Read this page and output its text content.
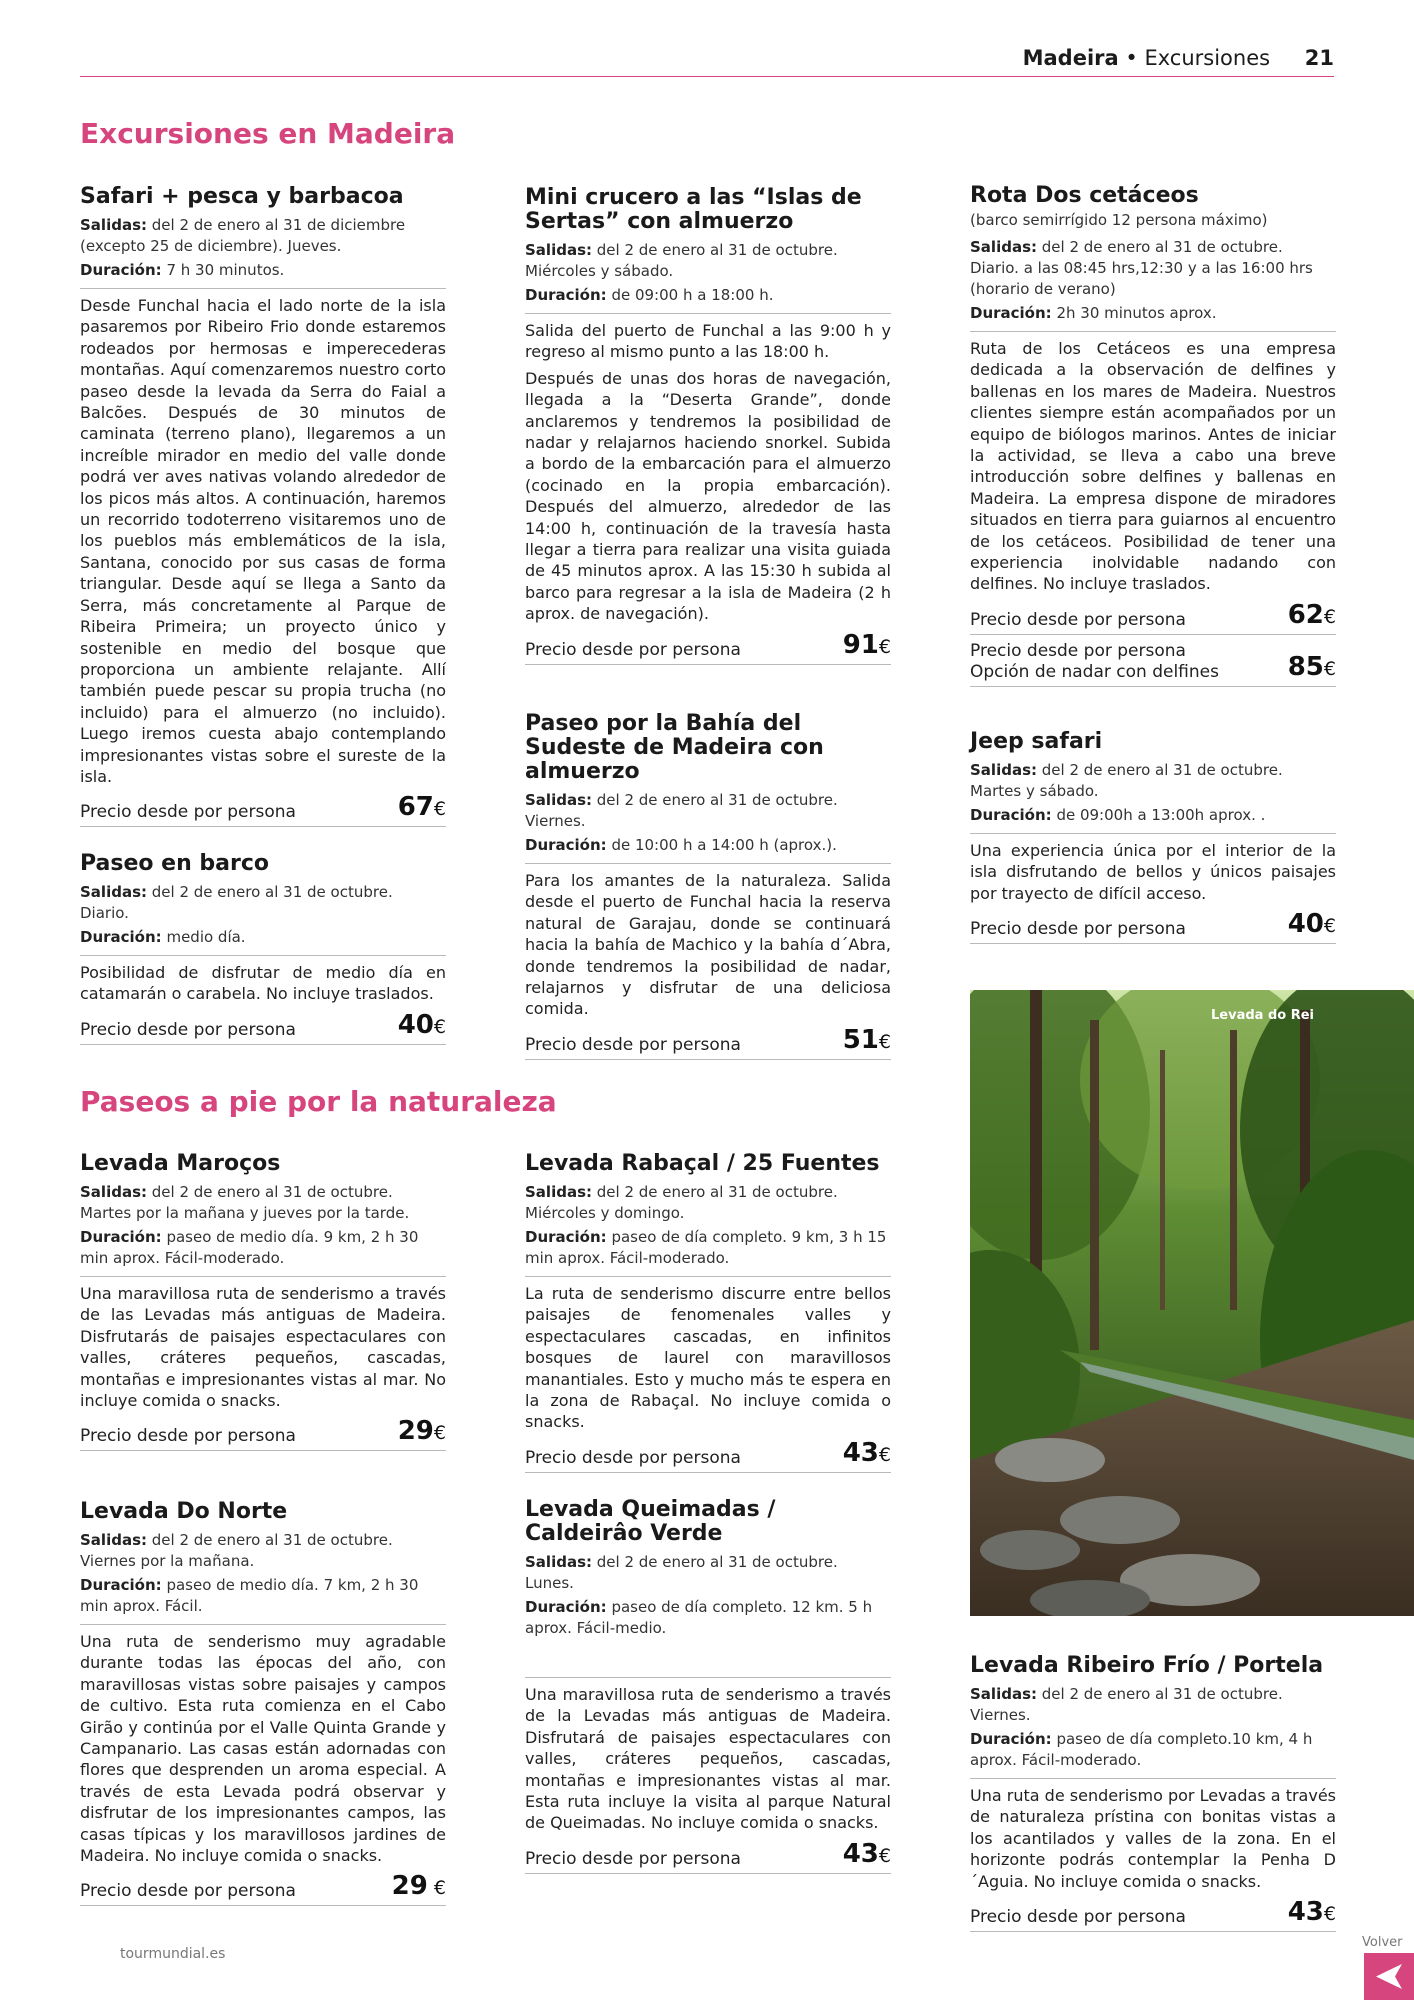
Madeira • Excursiones 21
Excursiones en Madeira
Paseos a pie por la naturaleza
Safari + pesca y barbacoa
Salidas: del 2 de enero al 31 de diciembre (excepto 25 de diciembre). Jueves.
Duración: 7 h 30 minutos.

Desde Funchal hacia el lado norte de la isla pasaremos por Ribeiro Frio donde estaremos rodeados por hermosas e imperecederas montañas. Aquí comenzaremos nuestro corto paseo desde la levada da Serra do Faial a Balcões. Después de 30 minutos de caminata (terreno plano), llegaremos a un increíble mirador en medio del valle donde podrá ver aves nativas volando alrededor de los picos más altos. A continuación, haremos un recorrido todoterreno visitaremos uno de los pueblos más emblemáticos de la isla, Santana, conocido por sus casas de forma triangular. Desde aquí se llega a Santo da Serra, más concretamente al Parque de Ribeira Primeira; un proyecto único y sostenible en medio del bosque que proporciona un ambiente relajante. Allí también puede pescar su propia trucha (no incluido) para el almuerzo (no incluido). Luego iremos cuesta abajo contemplando impresionantes vistas sobre el sureste de la isla.

Precio desde por persona	67€
Paseo en barco
Salidas: del 2 de enero al 31 de octubre. Diario.
Duración: medio día.

Posibilidad de disfrutar de medio día en catamarán o carabela. No incluye traslados.

Precio desde por persona	40€
Levada Maroços
Salidas: del 2 de enero al 31 de octubre. Martes por la mañana y jueves por la tarde.
Duración: paseo de medio día. 9 km, 2 h 30 min aprox. Fácil-moderado.

Una maravillosa ruta de senderismo a través de las Levadas más antiguas de Madeira. Disfrutarás de paisajes espectaculares con valles, cráteres pequeños, cascadas, montañas e impresionantes vistas al mar. No incluye comida o snacks.

Precio desde por persona	29€
Levada Do Norte
Salidas: del 2 de enero al 31 de octubre. Viernes por la mañana.
Duración: paseo de medio día. 7 km, 2 h 30 min aprox. Fácil.

Una ruta de senderismo muy agradable durante todas las épocas del año, con maravillosas vistas sobre paisajes y campos de cultivo. Esta ruta comienza en el Cabo Girão y continúa por el Valle Quinta Grande y Campanario. Las casas están adornadas con flores que desprenden un aroma especial. A través de esta Levada podrá observar y disfrutar de los impresionantes campos, las casas típicas y los maravillosos jardines de Madeira. No incluye comida o snacks.

Precio desde por persona	29 €
Mini crucero a las “Islas de Sertas” con almuerzo
Salidas: del 2 de enero al 31 de octubre. Miércoles y sábado.
Duración: de 09:00 h a 18:00 h.

Salida del puerto de Funchal a las 9:00 h y regreso al mismo punto a las 18:00 h.

Después de unas dos horas de navegación, llegada a la “Deserta Grande”, donde anclaremos y tendremos la posibilidad de nadar y relajarnos haciendo snorkel. Subida a bordo de la embarcación para el almuerzo (cocinado en la propia embarcación). Después del almuerzo, alrededor de las 14:00 h, continuación de la travesía hasta llegar a tierra para realizar una visita guiada de 45 minutos aprox. A las 15:30 h subida al barco para regresar a la isla de Madeira (2 h aprox. de navegación).

Precio desde por persona	91€
Paseo por la Bahía del Sudeste de Madeira con almuerzo
Salidas: del 2 de enero al 31 de octubre. Viernes.
Duración: de 10:00 h a 14:00 h (aprox.).

Para los amantes de la naturaleza. Salida desde el puerto de Funchal hacia la reserva natural de Garajau, donde se continuará hacia la bahía de Machico y la bahía d´Abra, donde tendremos la posibilidad de nadar, relajarnos y disfrutar de una deliciosa comida.

Precio desde por persona	51€
Levada Rabaçal / 25 Fuentes
Salidas: del 2 de enero al 31 de octubre. Miércoles y domingo.
Duración: paseo de día completo. 9 km, 3 h 15 min aprox. Fácil-moderado.

La ruta de senderismo discurre entre bellos paisajes de fenomenales valles y espectaculares cascadas, en infinitos bosques de laurel con maravillosos manantiales. Esto y mucho más te espera en la zona de Rabaçal. No incluye comida o snacks.

Precio desde por persona	43€
Levada Queimadas / Caldeirâo Verde
Salidas: del 2 de enero al 31 de octubre. Lunes.
Duración: paseo de día completo. 12 km. 5 h aprox. Fácil-medio.

Una maravillosa ruta de senderismo a través de la Levadas más antiguas de Madeira. Disfrutará de paisajes espectaculares con valles, cráteres pequeños, cascadas, montañas e impresionantes vistas al mar. Esta ruta incluye la visita al parque Natural de Queimadas. No incluye comida o snacks.

Precio desde por persona	43€
Rota Dos cetáceos
(barco semirrígido 12 persona máximo)
Salidas: del 2 de enero al 31 de octubre. Diario. a las 08:45 hrs,12:30 y a las 16:00 hrs (horario de verano)
Duración: 2h 30 minutos aprox.

Ruta de los Cetáceos es una empresa dedicada a la observación de delfines y ballenas en los mares de Madeira. Nuestros clientes siempre están acompañados por un equipo de biólogos marinos. Antes de iniciar la actividad, se lleva a cabo una breve introducción sobre delfines y ballenas en Madeira. La empresa dispone de miradores situados en tierra para guiarnos al encuentro de los cetáceos. Posibilidad de tener una experiencia inolvidable nadando con delfines. No incluye traslados.

Precio desde por persona	62€
Precio desde por persona
Opción de nadar con delfines	85€
Jeep safari
Salidas: del 2 de enero al 31 de octubre. Martes y sábado.
Duración: de 09:00h a 13:00h aprox. .

Una experiencia única por el interior de la isla disfrutando de bellos y únicos paisajes por trayecto de difícil acceso.

Precio desde por persona	40€
Levada do Rei
Levada Ribeiro Frío / Portela
Salidas: del 2 de enero al 31 de octubre. Viernes.
Duración: paseo de día completo.10 km, 4 h aprox. Fácil-moderado.

Una ruta de senderismo por Levadas a través de naturaleza prístina con bonitas vistas a los acantilados y valles de la zona. En el horizonte podrás contemplar la Penha D´Aguia. No incluye comida o snacks.

Precio desde por persona	43€
tourmundial.es
Volver
